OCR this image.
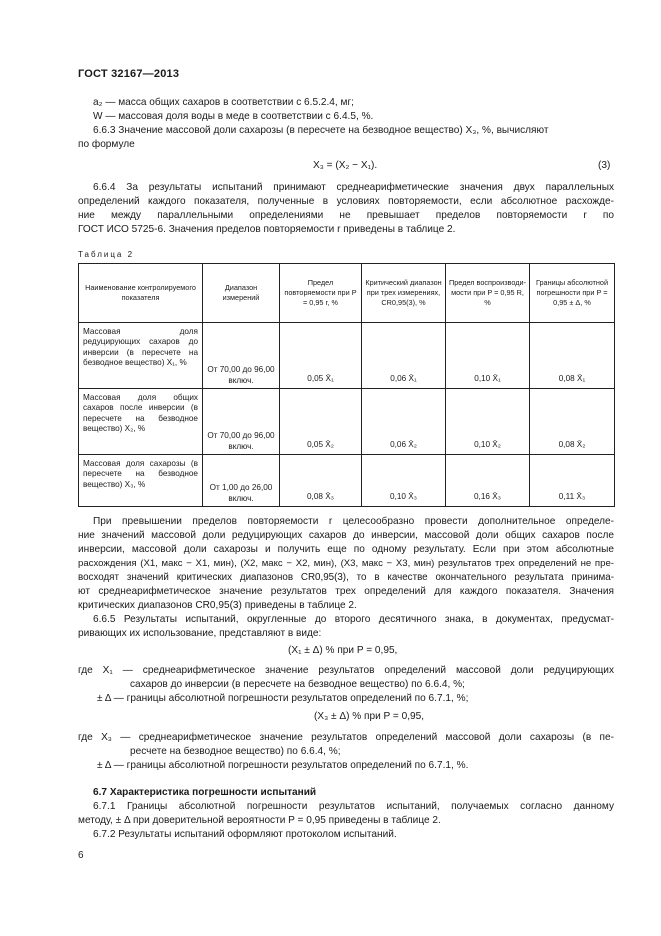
ГОСТ 32167—2013
a₂ — масса общих сахаров в соответствии с 6.5.2.4, мг;
W — массовая доля воды в меде в соответствии с 6.4.5, %.
6.6.3 Значение массовой доли сахарозы (в пересчете на безводное вещество) X₃, %, вычисляют
по формуле
X₃ = (X₂ − X₁).	(3)
6.6.4 За результаты испытаний принимают среднеарифметические значения двух параллельных
определений каждого показателя, полученные в условиях повторяемости, если абсолютное расхожде-
ние между параллельными определениями не превышает пределов повторяемости r по
ГОСТ ИСО 5725-6. Значения пределов повторяемости r приведены в таблице 2.
Таблица 2
Наименование контролируемого показателя	Диапазон измерений	Предел повторяемости при P = 0,95 r, %	Критический диапазон при трех измерениях, CR0,95(3), %	Предел воспроизводи-мости при P = 0,95 R, %	Границы абсолютной погрешности при P = 0,95 ± Δ, %
Массовая доля редуцирующих сахаров до инверсии (в пересчете на безводное вещество) X₁, %	От 70,00 до 96,00 включ.	0,05 X̄₁	0,06 X̄₁	0,10 X̄₁	0,08 X̄₁
Массовая доля общих сахаров после инверсии (в пересчете на безводное вещество) X₂, %	От 70,00 до 96,00 включ.	0,05 X̄₂	0,06 X̄₂	0,10 X̄₂	0,08 X̄₂
Массовая доля сахарозы (в пересчете на безводное вещество) X₃, %	От 1,00 до 26,00 включ.	0,08 X̄₃	0,10 X̄₃	0,16 X̄₃	0,11 X̄₃
При превышении пределов повторяемости r целесообразно провести дополнительное определе-
ние значений массовой доли редуцирующих сахаров до инверсии, массовой доли общих сахаров после
инверсии, массовой доли сахарозы и получить еще по одному результату. Если при этом абсолютные
расхождения (X1, макс − X1, мин), (X2, макс − X2, мин), (X3, макс − X3, мин) результатов трех определений не пре-
восходят значений критических диапазонов CR0,95(3), то в качестве окончательного результата принима-
ют среднеарифметическое значение результатов трех определений для каждого показателя. Значения
критических диапазонов CR0,95(3) приведены в таблице 2.
6.6.5 Результаты испытаний, округленные до второго десятичного знака, в документах, предусмат-
ривающих их использование, представляют в виде:
(X₁ ± Δ) % при P = 0,95,
где X₁ — среднеарифметическое значение результатов определений массовой доли редуцирующих
сахаров до инверсии (в пересчете на безводное вещество) по 6.6.4, %;
± Δ — границы абсолютной погрешности результатов определений по 6.7.1, %;
(X₃ ± Δ) % при P = 0,95,
где X₃ — среднеарифметическое значение результатов определений массовой доли сахарозы (в пе-
ресчете на безводное вещество) по 6.6.4, %;
± Δ — границы абсолютной погрешности результатов определений по 6.7.1, %.
6.7 Характеристика погрешности испытаний
6.7.1 Границы абсолютной погрешности результатов испытаний, получаемых согласно данному
методу, ± Δ при доверительной вероятности P = 0,95 приведены в таблице 2.
6.7.2 Результаты испытаний оформляют протоколом испытаний.
6
